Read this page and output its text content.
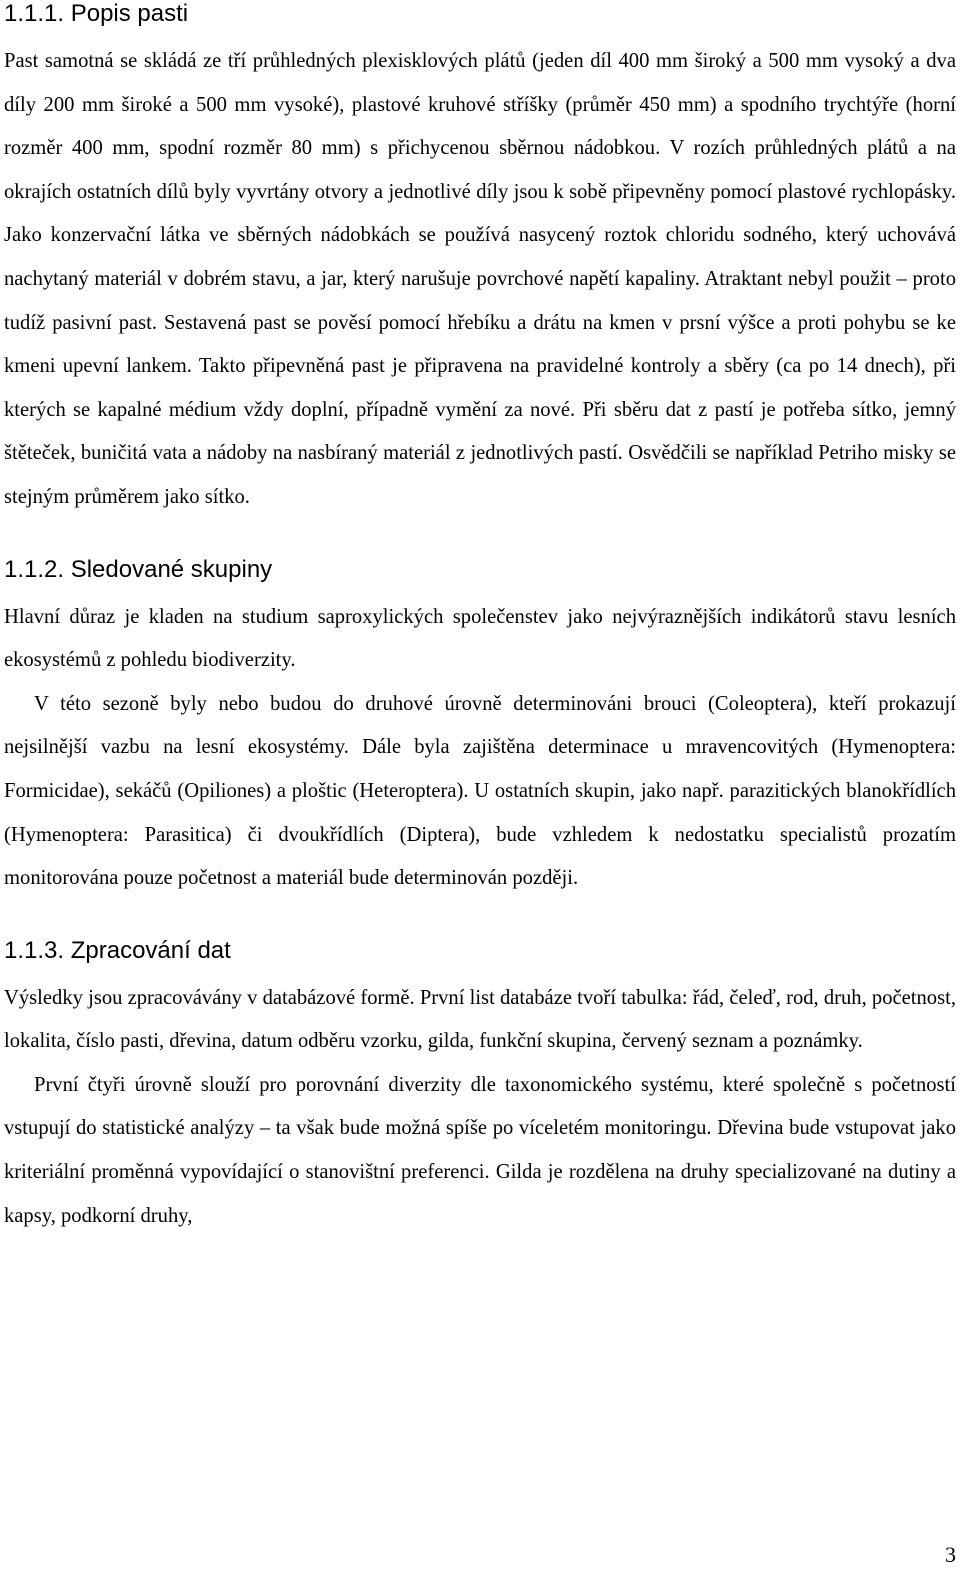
1.1.1. Popis pasti

Past samotná se skládá ze tří průhledných plexisklových plátů (jeden díl 400 mm široký a 500 mm vysoký a dva díly 200 mm široké a 500 mm vysoké), plastové kruhové stříšky (průměr 450 mm) a spodního trychtýře (horní rozměr 400 mm, spodní rozměr 80 mm) s přichycenou sběrnou nádobkou. V rozích průhledných plátů a na okrajích ostatních dílů byly vyvrtány otvory a jednotlivé díly jsou k sobě připevněny pomocí plastové rychlopásky. Jako konzervační látka ve sběrných nádobkách se používá nasycený roztok chloridu sodného, který uchovává nachytaný materiál v dobrém stavu, a jar, který narušuje povrchové napětí kapaliny. Atraktant nebyl použit – proto tudíž pasivní past. Sestavená past se pověsí pomocí hřebíku a drátu na kmen v prsní výšce a proti pohybu se ke kmeni upevní lankem. Takto připevněná past je připravena na pravidelné kontroly a sběry (ca po 14 dnech), při kterých se kapalné médium vždy doplní, případně vymění za nové. Při sběru dat z pastí je potřeba sítko, jemný štěteček, buničitá vata a nádoby na nasbíraný materiál z jednotlivých pastí. Osvědčili se například Petriho misky se stejným průměrem jako sítko.

1.1.2. Sledované skupiny

Hlavní důraz je kladen na studium saproxylických společenstev jako nejvýraznějších indikátorů stavu lesních ekosystémů z pohledu biodiverzity.

V této sezoně byly nebo budou do druhové úrovně determinováni brouci (Coleoptera), kteří prokazují nejsilnější vazbu na lesní ekosystémy. Dále byla zajištěna determinace u mravencovitých (Hymenoptera: Formicidae), sekáčů (Opiliones) a ploštic (Heteroptera). U ostatních skupin, jako např. parazitických blanokřídlích (Hymenoptera: Parasitica) či dvoukřídlích (Diptera), bude vzhledem k nedostatku specialistů prozatím monitorována pouze početnost a materiál bude determinován později.

1.1.3. Zpracování dat

Výsledky jsou zpracovávány v databázové formě. První list databáze tvoří tabulka: řád, čeleď, rod, druh, početnost, lokalita, číslo pasti, dřevina, datum odběru vzorku, gilda, funkční skupina, červený seznam a poznámky.

První čtyři úrovně slouží pro porovnání diverzity dle taxonomického systému, které společně s početností vstupují do statistické analýzy – ta však bude možná spíše po víceletém monitoringu. Dřevina bude vstupovat jako kriteriální proměnná vypovídající o stanovištní preferenci. Gilda je rozdělena na druhy specializované na dutiny a kapsy, podkorní druhy,

3
